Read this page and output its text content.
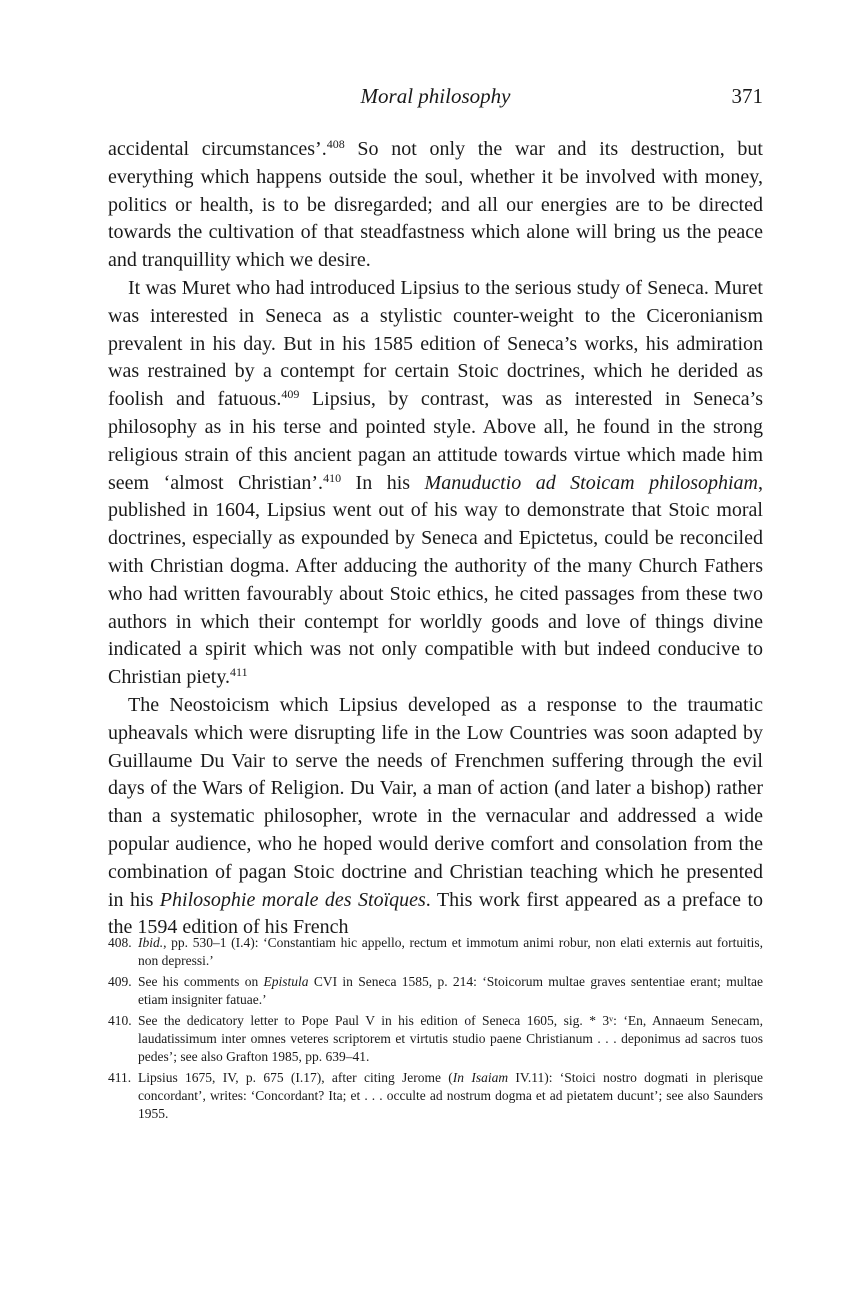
Moral philosophy	371

accidental circumstances’.$^{408}$ So not only the war and its destruction, but everything which happens outside the soul, whether it be involved with money, politics or health, is to be disregarded; and all our energies are to be directed towards the cultivation of that steadfastness which alone will bring us the peace and tranquillity which we desire.

It was Muret who had introduced Lipsius to the serious study of Seneca. Muret was interested in Seneca as a stylistic counter-weight to the Ciceronianism prevalent in his day. But in his 1585 edition of Seneca’s works, his admiration was restrained by a contempt for certain Stoic doctrines, which he derided as foolish and fatuous.$^{409}$ Lipsius, by contrast, was as interested in Seneca’s philosophy as in his terse and pointed style. Above all, he found in the strong religious strain of this ancient pagan an attitude towards virtue which made him seem ‘almost Christian’.$^{410}$ In his Manuductio ad Stoicam philosophiam, published in 1604, Lipsius went out of his way to demonstrate that Stoic moral doctrines, especially as expounded by Seneca and Epictetus, could be reconciled with Christian dogma. After adducing the authority of the many Church Fathers who had written favourably about Stoic ethics, he cited passages from these two authors in which their contempt for worldly goods and love of things divine indicated a spirit which was not only compatible with but indeed conducive to Christian piety.$^{411}$

The Neostoicism which Lipsius developed as a response to the traumatic upheavals which were disrupting life in the Low Countries was soon adapted by Guillaume Du Vair to serve the needs of Frenchmen suffering through the evil days of the Wars of Religion. Du Vair, a man of action (and later a bishop) rather than a systematic philosopher, wrote in the vernacular and addressed a wide popular audience, who he hoped would derive comfort and consolation from the combination of pagan Stoic doctrine and Christian teaching which he presented in his Philosophie morale des Stoïques. This work first appeared as a preface to the 1594 edition of his French

408. Ibid., pp. 530–1 (I.4): ‘Constantiam hic appello, rectum et immotum animi robur, non elati externis aut fortuitis, non depressi.’
409. See his comments on Epistula CVI in Seneca 1585, p. 214: ‘Stoicorum multae graves sententiae erant; multae etiam insigniter fatuae.’
410. See the dedicatory letter to Pope Paul V in his edition of Seneca 1605, sig. * 3ᵛ: ‘En, Annaeum Senecam, laudatissimum inter omnes veteres scriptorem et virtutis studio paene Christianum . . . deponimus ad sacros tuos pedes’; see also Grafton 1985, pp. 639–41.
411. Lipsius 1675, IV, p. 675 (I.17), after citing Jerome (In Isaiam IV.11): ‘Stoici nostro dogmati in plerisque concordant’, writes: ‘Concordant? Ita; et . . . occulte ad nostrum dogma et ad pietatem ducunt’; see also Saunders 1955.
